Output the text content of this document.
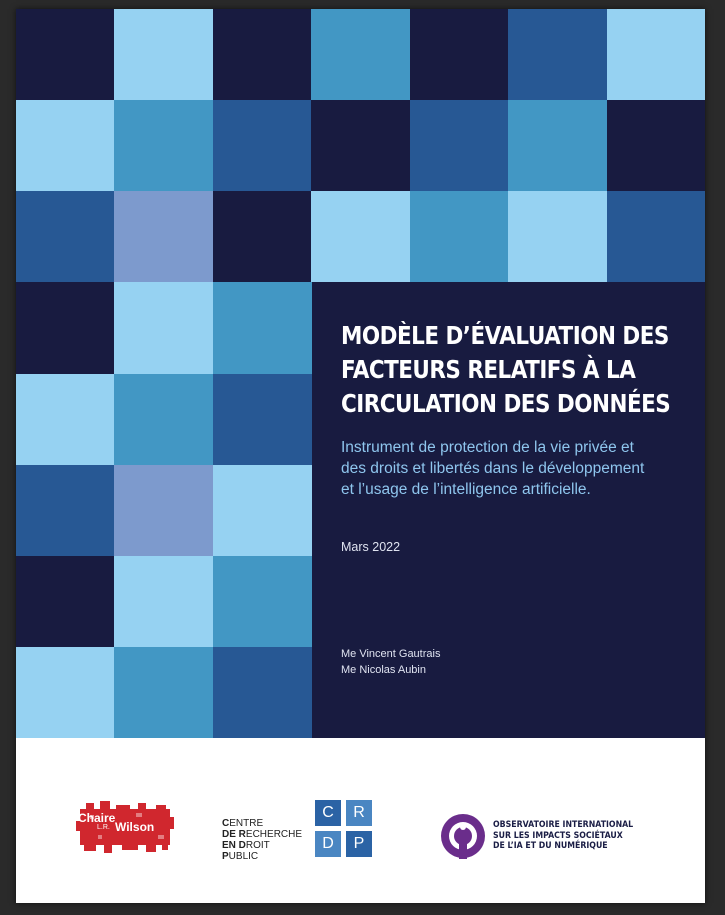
MODÈLE D’ÉVALUATION DES
FACTEURS RELATIFS À LA
CIRCULATION DES DONNÉES
Instrument de protection de la vie privée et
des droits et libertés dans le développement
et l’usage de l’intelligence artificielle.
Mars 2022
Me Vincent Gautrais
Me Nicolas Aubin
Chaire
L.R. Wilson	CENTRE
DE RECHERCHE
EN DROIT
PUBLIC
C	R
D	P
OBSERVATOIRE INTERNATIONAL
SUR LES IMPACTS SOCIÉTAUX
DE L’IA ET DU NUMÉRIQUE
